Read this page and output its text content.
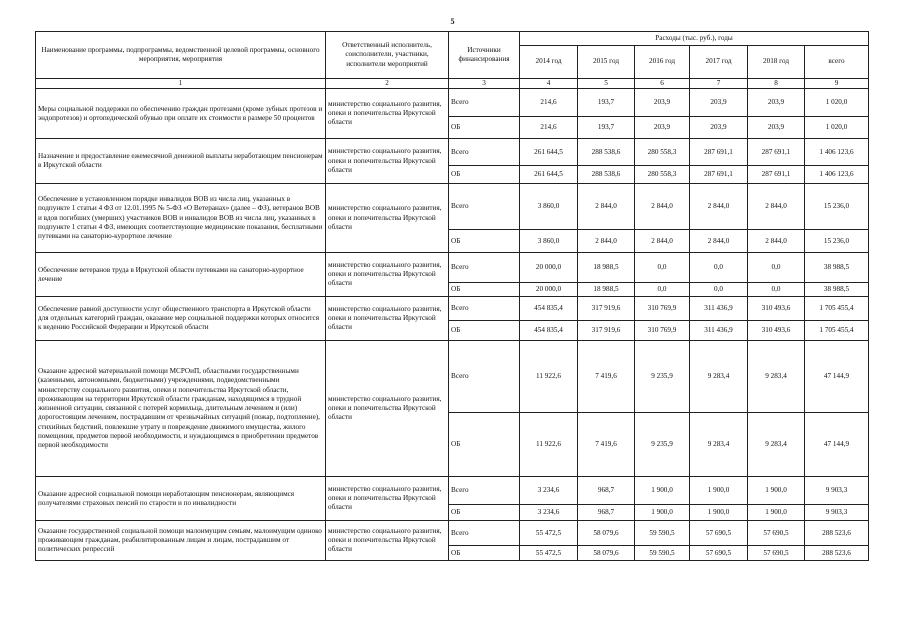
5
Наименование программы, подпрограммы, ведомственной целевой программы, основного мероприятия, мероприятия	Ответственный исполнитель, соисполнители, участники, исполнители мероприятий	Источники финансирования	Расходы (тыс. руб.), годы					
			2014 год	2015 год	2016 год	2017 год	2018 год	всего
1	2	3	4	5	6	7	8	9
Меры социальной поддержки по обеспечению граждан протезами (кроме зубных протезов и эндопротезов) и ортопедической обувью при оплате их стоимости в размере 50 процентов	министерство социального развития, опеки и попечительства Иркутской области	Всего	214,6	193,7	203,9	203,9	203,9	1 020,0
		ОБ	214,6	193,7	203,9	203,9	203,9	1 020,0
Назначение и предоставление ежемесячной денежной выплаты неработающим пенсионерам в Иркутской области	министерство социального развития, опеки и попечительства Иркутской области	Всего	261 644,5	288 538,6	280 558,3	287 691,1	287 691,1	1 406 123,6
		ОБ	261 644,5	288 538,6	280 558,3	287 691,1	287 691,1	1 406 123,6
Обеспечение в установленном порядке инвалидов ВОВ из числа лиц, указанных в подпункте 1 статьи 4 ФЗ от 12.01.1995 № 5-ФЗ «О Ветеранах» (далее – ФЗ), ветеранов ВОВ и вдов погибших (умерших) участников ВОВ и инвалидов ВОВ из числа лиц, указанных в подпункте 1 статьи 4 ФЗ, имеющих соответствующие медицинские показания, бесплатными путевками на санаторно-курортное лечение	министерство социального развития, опеки и попечительства Иркутской области	Всего	3 860,0	2 844,0	2 844,0	2 844,0	2 844,0	15 236,0
		ОБ	3 860,0	2 844,0	2 844,0	2 844,0	2 844,0	15 236,0
Обеспечение ветеранов труда в Иркутской области путевками на санаторно-курортное лечение	министерство социального развития, опеки и попечительства Иркутской области	Всего	20 000,0	18 988,5	0,0	0,0	0,0	38 988,5
		ОБ	20 000,0	18 988,5	0,0	0,0	0,0	38 988,5
Обеспечение равной доступности услуг общественного транспорта в Иркутской области для отдельных категорий граждан, оказание мер социальной поддержки которых относится к ведению Российской Федерации и Иркутской области	министерство социального развития, опеки и попечительства Иркутской области	Всего	454 835,4	317 919,6	310 769,9	311 436,9	310 493,6	1 705 455,4
		ОБ	454 835,4	317 919,6	310 769,9	311 436,9	310 493,6	1 705 455,4
Оказание адресной материальной помощи МСРОиП, областными государственными (казенными, автономными, бюджетными) учреждениями, подведомственными министерству социального развития, опеки и попечительства Иркутской области, проживающим на территории Иркутской области гражданам, находящимся в трудной жизненной ситуации, связанной с потерей кормильца, длительным лечением и (или) дорогостоящим лечением, пострадавшим от чрезвычайных ситуаций (пожар, подтопление), стихийных бедствий, повлекшие утрату и повреждение движимого имущества, жилого помещения, предметов первой необходимости, и нуждающимся в приобретении предметов первой необходимости	министерство социального развития, опеки и попечительства Иркутской области	Всего	11 922,6	7 419,6	9 235,9	9 283,4	9 283,4	47 144,9
		ОБ	11 922,6	7 419,6	9 235,9	9 283,4	9 283,4	47 144,9
Оказание адресной социальной помощи неработающим пенсионерам, являющимся получателями страховых пенсий по старости и по инвалидности	министерство социального развития, опеки и попечительства Иркутской области	Всего	3 234,6	968,7	1 900,0	1 900,0	1 900,0	9 903,3
		ОБ	3 234,6	968,7	1 900,0	1 900,0	1 900,0	9 903,3
Оказание государственной социальной помощи малоимущим семьям, малоимущим одиноко проживающим гражданам, реабилитированным лицам и лицам, пострадавшим от политических репрессий	министерство социального развития, опеки и попечительства Иркутской области	Всего	55 472,5	58 079,6	59 590,5	57 690,5	57 690,5	288 523,6
		ОБ	55 472,5	58 079,6	59 590,5	57 690,5	57 690,5	288 523,6
